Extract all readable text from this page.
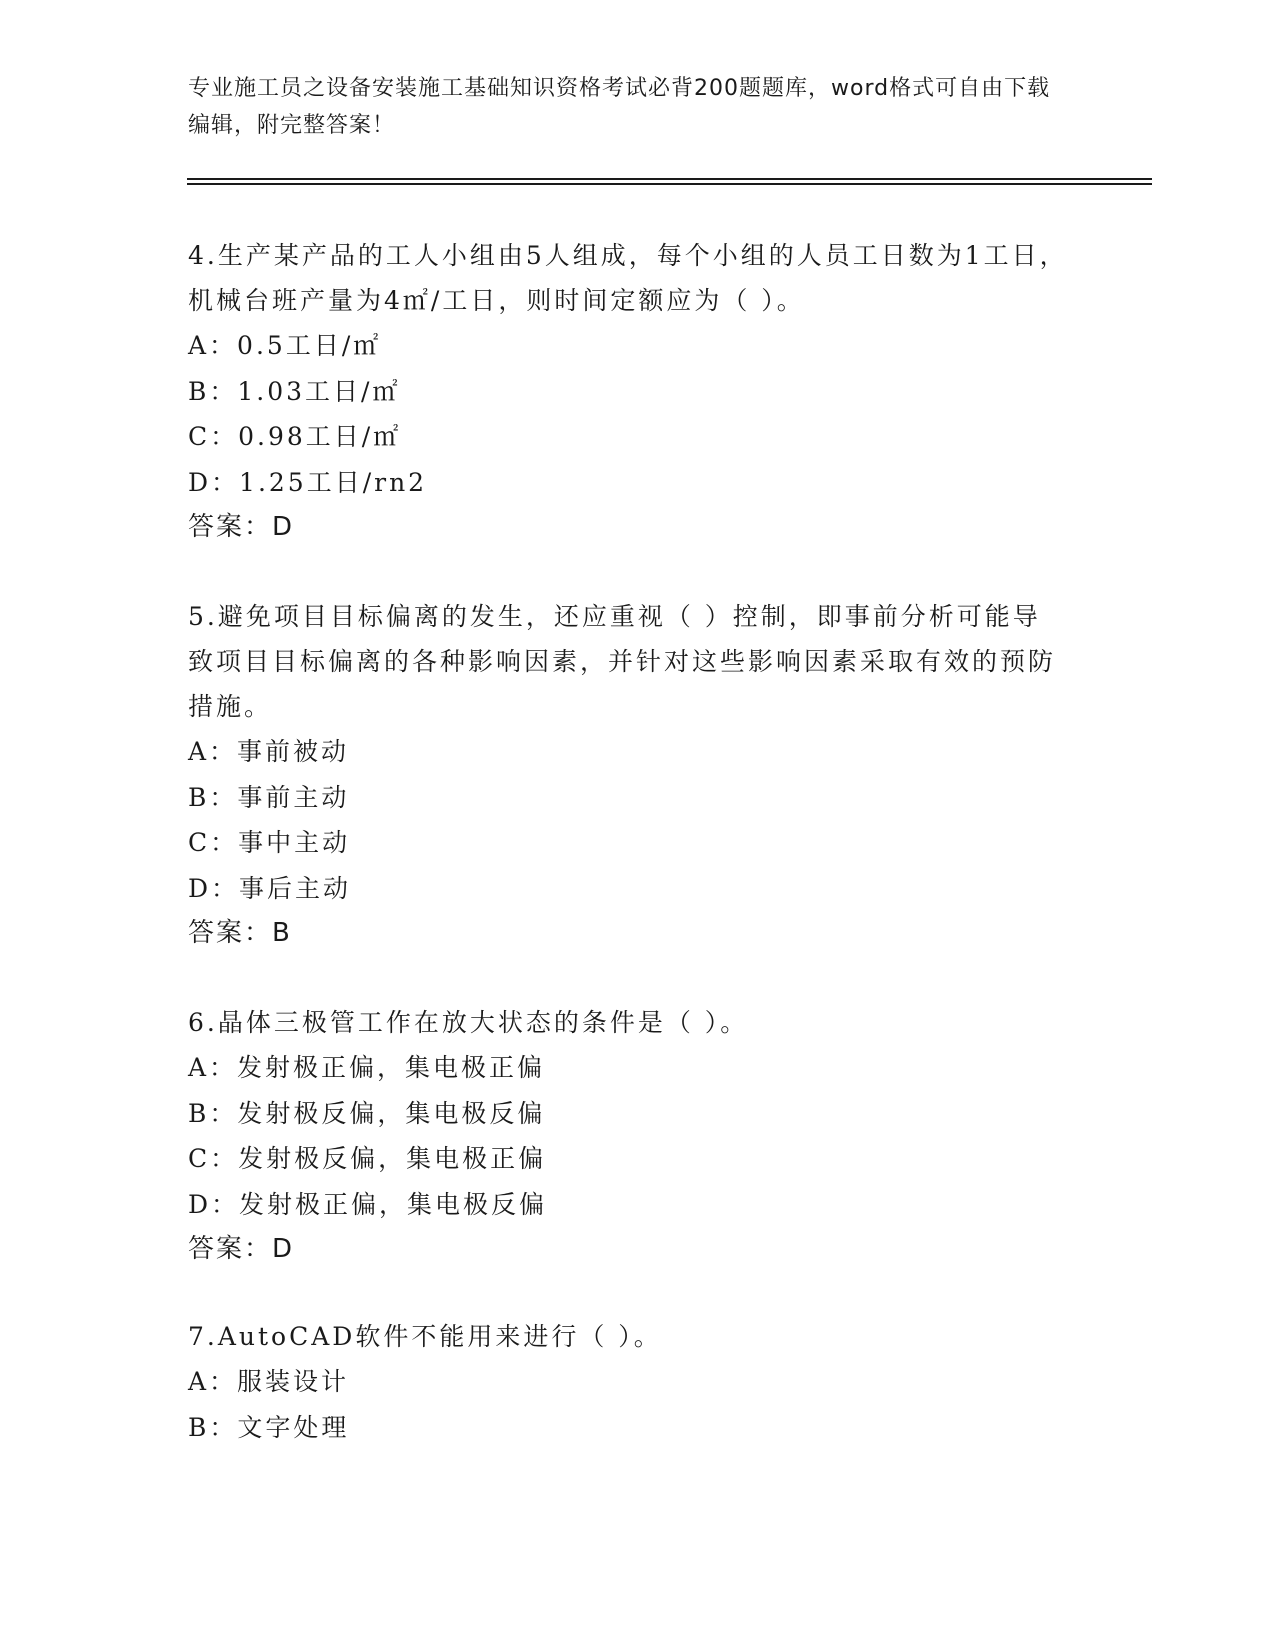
专业施工员之设备安装施工基础知识资格考试必背200题题库，word格式可自由下载编辑，附完整答案！
4.生产某产品的工人小组由5人组成，每个小组的人员工日数为1工日，机械台班产量为4㎡/工日，则时间定额应为（ ）。
A：0.5工日/㎡
B：1.03工日/㎡
C：0.98工日/㎡
D：1.25工日/rn2
答案：D
5.避免项目目标偏离的发生，还应重视（ ）控制，即事前分析可能导致项目目标偏离的各种影响因素，并针对这些影响因素采取有效的预防措施。
A：事前被动
B：事前主动
C：事中主动
D：事后主动
答案：B
6.晶体三极管工作在放大状态的条件是（ ）。
A：发射极正偏，集电极正偏
B：发射极反偏，集电极反偏
C：发射极反偏，集电极正偏
D：发射极正偏，集电极反偏
答案：D
7.AutoCAD软件不能用来进行（ ）。
A：服装设计
B：文字处理
